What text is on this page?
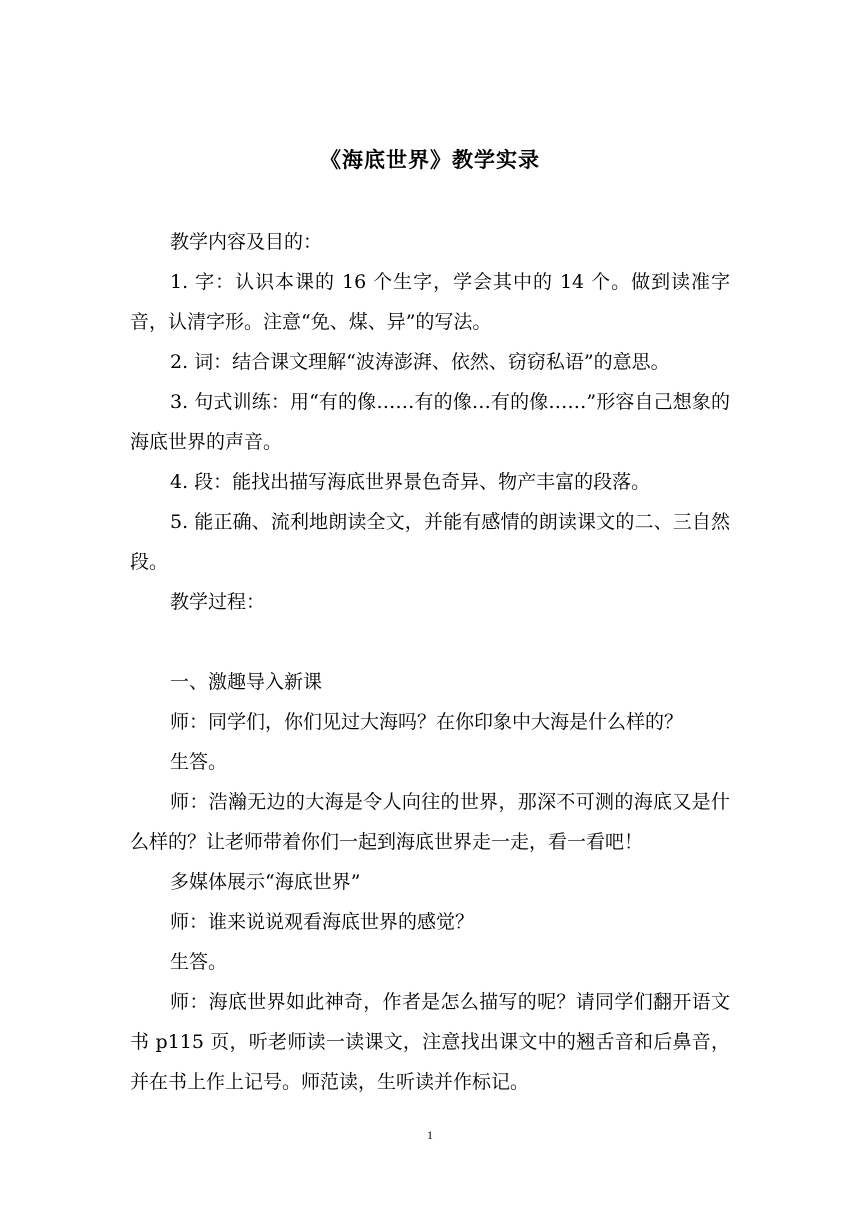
《海底世界》教学实录

教学内容及目的：

1. 字：认识本课的 16 个生字，学会其中的 14 个。做到读准字音，认清字形。注意“免、煤、异”的写法。

2. 词：结合课文理解“波涛澎湃、依然、窃窃私语”的意思。

3. 句式训练：用“有的像……有的像…有的像……”形容自己想象的海底世界的声音。

4. 段：能找出描写海底世界景色奇异、物产丰富的段落。

5. 能正确、流利地朗读全文，并能有感情的朗读课文的二、三自然段。

教学过程：

一、激趣导入新课

师：同学们，你们见过大海吗？在你印象中大海是什么样的？

生答。

师：浩瀚无边的大海是令人向往的世界，那深不可测的海底又是什么样的？让老师带着你们一起到海底世界走一走，看一看吧！

多媒体展示“海底世界”

师：谁来说说观看海底世界的感觉？

生答。

师：海底世界如此神奇，作者是怎么描写的呢？请同学们翻开语文书 p115 页，听老师读一读课文，注意找出课文中的翘舌音和后鼻音，并在书上作上记号。师范读，生听读并作标记。

1
